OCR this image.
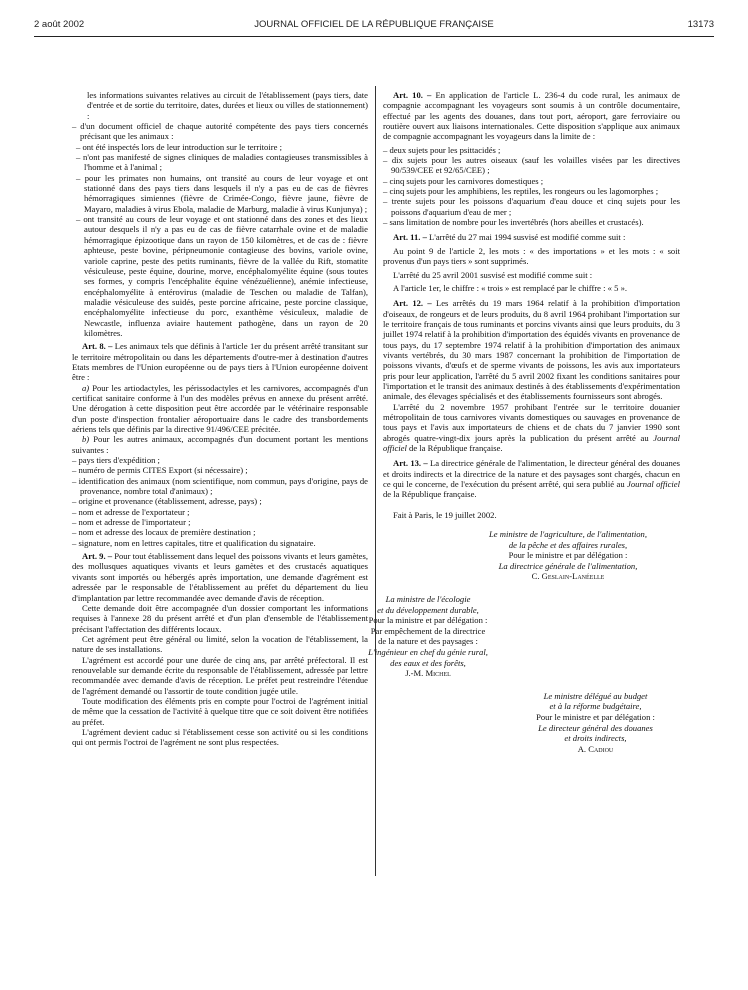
2 août 2002	JOURNAL OFFICIEL DE LA RÉPUBLIQUE FRANÇAISE	13173

les informations suivantes relatives au circuit de l'établissement (pays tiers, date d'entrée et de sortie du territoire, dates, durées et lieux ou villes de stationnement) :

– d'un document officiel de chaque autorité compétente des pays tiers concernés précisant que les animaux :

– ont été inspectés lors de leur introduction sur le territoire ;

– n'ont pas manifesté de signes cliniques de maladies contagieuses transmissibles à l'homme et à l'animal ;

– pour les primates non humains, ont transité au cours de leur voyage et ont stationné dans des pays tiers dans lesquels il n'y a pas eu de cas de fièvres hémorragiques simiennes (fièvre de Crimée-Congo, fièvre jaune, fièvre de Mayaro, maladies à virus Ebola, maladie de Marburg, maladie à virus Kunjunya) ;

– ont transité au cours de leur voyage et ont stationné dans des zones et des lieux autour desquels il n'y a pas eu de cas de fièvre catarrhale ovine et de maladie hémorragique épizootique dans un rayon de 150 kilomètres, et de cas de : fièvre aphteuse, peste bovine, péripneumonie contagieuse des bovins, variole ovine, variole caprine, peste des petits ruminants, fièvre de la vallée du Rift, stomatite vésiculeuse, peste équine, dourine, morve, encéphalomyélite équine (sous toutes ses formes, y compris l'encéphalite équine vénézuélienne), anémie infectieuse, encéphalomyélite à entérovirus (maladie de Teschen ou maladie de Talfan), maladie vésiculeuse des suidés, peste porcine africaine, peste porcine classique, encéphalomyélite infectieuse du porc, exanthème vésiculeux, maladie de Newcastle, influenza aviaire hautement pathogène, dans un rayon de 20 kilomètres.

Art. 8. – Les animaux tels que définis à l'article 1er du présent arrêté transitant sur le territoire métropolitain ou dans les départements d'outre-mer à destination d'autres Etats membres de l'Union européenne ou de pays tiers à l'Union européenne doivent être :

a) Pour les artiodactyles, les périssodactyles et les carnivores, accompagnés d'un certificat sanitaire conforme à l'un des modèles prévus en annexe du présent arrêté. Une dérogation à cette disposition peut être accordée par le vétérinaire responsable d'un poste d'inspection frontalier aéroportuaire dans le cadre des transbordements aériens tels que définis par la directive 91/496/CEE précitée.

b) Pour les autres animaux, accompagnés d'un document portant les mentions suivantes :

– pays tiers d'expédition ;

– numéro de permis CITES Export (si nécessaire) ;

– identification des animaux (nom scientifique, nom commun, pays d'origine, pays de provenance, nombre total d'animaux) ;

– origine et provenance (établissement, adresse, pays) ;

– nom et adresse de l'exportateur ;

– nom et adresse de l'importateur ;

– nom et adresse des locaux de première destination ;

– signature, nom en lettres capitales, titre et qualification du signataire.

Art. 9. – Pour tout établissement dans lequel des poissons vivants et leurs gamètes, des mollusques aquatiques vivants et leurs gamètes et des crustacés aquatiques vivants sont importés ou hébergés après importation, une demande d'agrément est adressée par le responsable de l'établissement au préfet du département du lieu d'implantation par lettre recommandée avec demande d'avis de réception.

Cette demande doit être accompagnée d'un dossier comportant les informations requises à l'annexe 28 du présent arrêté et d'un plan d'ensemble de l'établissement précisant l'affectation des différents locaux.

Cet agrément peut être général ou limité, selon la vocation de l'établissement, la nature de ses installations.

L'agrément est accordé pour une durée de cinq ans, par arrêté préfectoral. Il est renouvelable sur demande écrite du responsable de l'établissement, adressée par lettre recommandée avec demande d'avis de réception. Le préfet peut restreindre l'étendue de l'agrément demandé ou l'assortir de toute condition jugée utile.

Toute modification des éléments pris en compte pour l'octroi de l'agrément initial de même que la cessation de l'activité à quelque titre que ce soit doivent être notifiées au préfet.

L'agrément devient caduc si l'établissement cesse son activité ou si les conditions qui ont permis l'octroi de l'agrément ne sont plus respectées.

Art. 10. – En application de l'article L. 236-4 du code rural, les animaux de compagnie accompagnant les voyageurs sont soumis à un contrôle documentaire, effectué par les agents des douanes, dans tout port, aéroport, gare ferroviaire ou routière ouvert aux liaisons internationales. Cette disposition s'applique aux animaux de compagnie accompagnant les voyageurs dans la limite de :

– deux sujets pour les psittacidés ;

– dix sujets pour les autres oiseaux (sauf les volailles visées par les directives 90/539/CEE et 92/65/CEE) ;

– cinq sujets pour les carnivores domestiques ;

– cinq sujets pour les amphibiens, les reptiles, les rongeurs ou les lagomorphes ;

– trente sujets pour les poissons d'aquarium d'eau douce et cinq sujets pour les poissons d'aquarium d'eau de mer ;

– sans limitation de nombre pour les invertébrés (hors abeilles et crustacés).

Art. 11. – L'arrêté du 27 mai 1994 susvisé est modifié comme suit :

Au point 9 de l'article 2, les mots : « des importations » et les mots : « soit provenus d'un pays tiers » sont supprimés.

L'arrêté du 25 avril 2001 susvisé est modifié comme suit :

A l'article 1er, le chiffre : « trois » est remplacé par le chiffre : « 5 ».

Art. 12. – Les arrêtés du 19 mars 1964 relatif à la prohibition d'importation d'oiseaux, de rongeurs et de leurs produits, du 8 avril 1964 prohibant l'importation sur le territoire français de tous ruminants et porcins vivants ainsi que leurs produits, du 3 juillet 1974 relatif à la prohibition d'importation des équidés vivants en provenance de tous pays, du 17 septembre 1974 relatif à la prohibition d'importation des animaux vivants vertébrés, du 30 mars 1987 concernant la prohibition de l'importation de poissons vivants, d'œufs et de sperme vivants de poissons, les avis aux importateurs pris pour leur application, l'arrêté du 5 avril 2002 fixant les conditions sanitaires pour l'importation et le transit des animaux destinés à des établissements d'expérimentation animale, des élevages spécialisés et des établissements fournisseurs sont abrogés.

L'arrêté du 2 novembre 1957 prohibant l'entrée sur le territoire douanier métropolitain de tous carnivores vivants domestiques ou sauvages en provenance de tous pays et l'avis aux importateurs de chiens et de chats du 7 janvier 1990 sont abrogés quatre-vingt-dix jours après la publication du présent arrêté au Journal officiel de la République française.

Art. 13. – La directrice générale de l'alimentation, le directeur général des douanes et droits indirects et la directrice de la nature et des paysages sont chargés, chacun en ce qui le concerne, de l'exécution du présent arrêté, qui sera publié au Journal officiel de la République française.

Fait à Paris, le 19 juillet 2002.

Le ministre de l'agriculture, de l'alimentation,

de la pêche et des affaires rurales,

Pour le ministre et par délégation :

La directrice générale de l'alimentation,

C. Geslain-Lanéelle

La ministre de l'écologie

et du développement durable,

Pour la ministre et par délégation :

Par empêchement de la directrice

de la nature et des paysages :

L'ingénieur en chef du génie rural,

des eaux et des forêts,

J.-M. Michel

Le ministre délégué au budget

et à la réforme budgétaire,

Pour le ministre et par délégation :

Le directeur général des douanes

et droits indirects,

A. Cadiou
